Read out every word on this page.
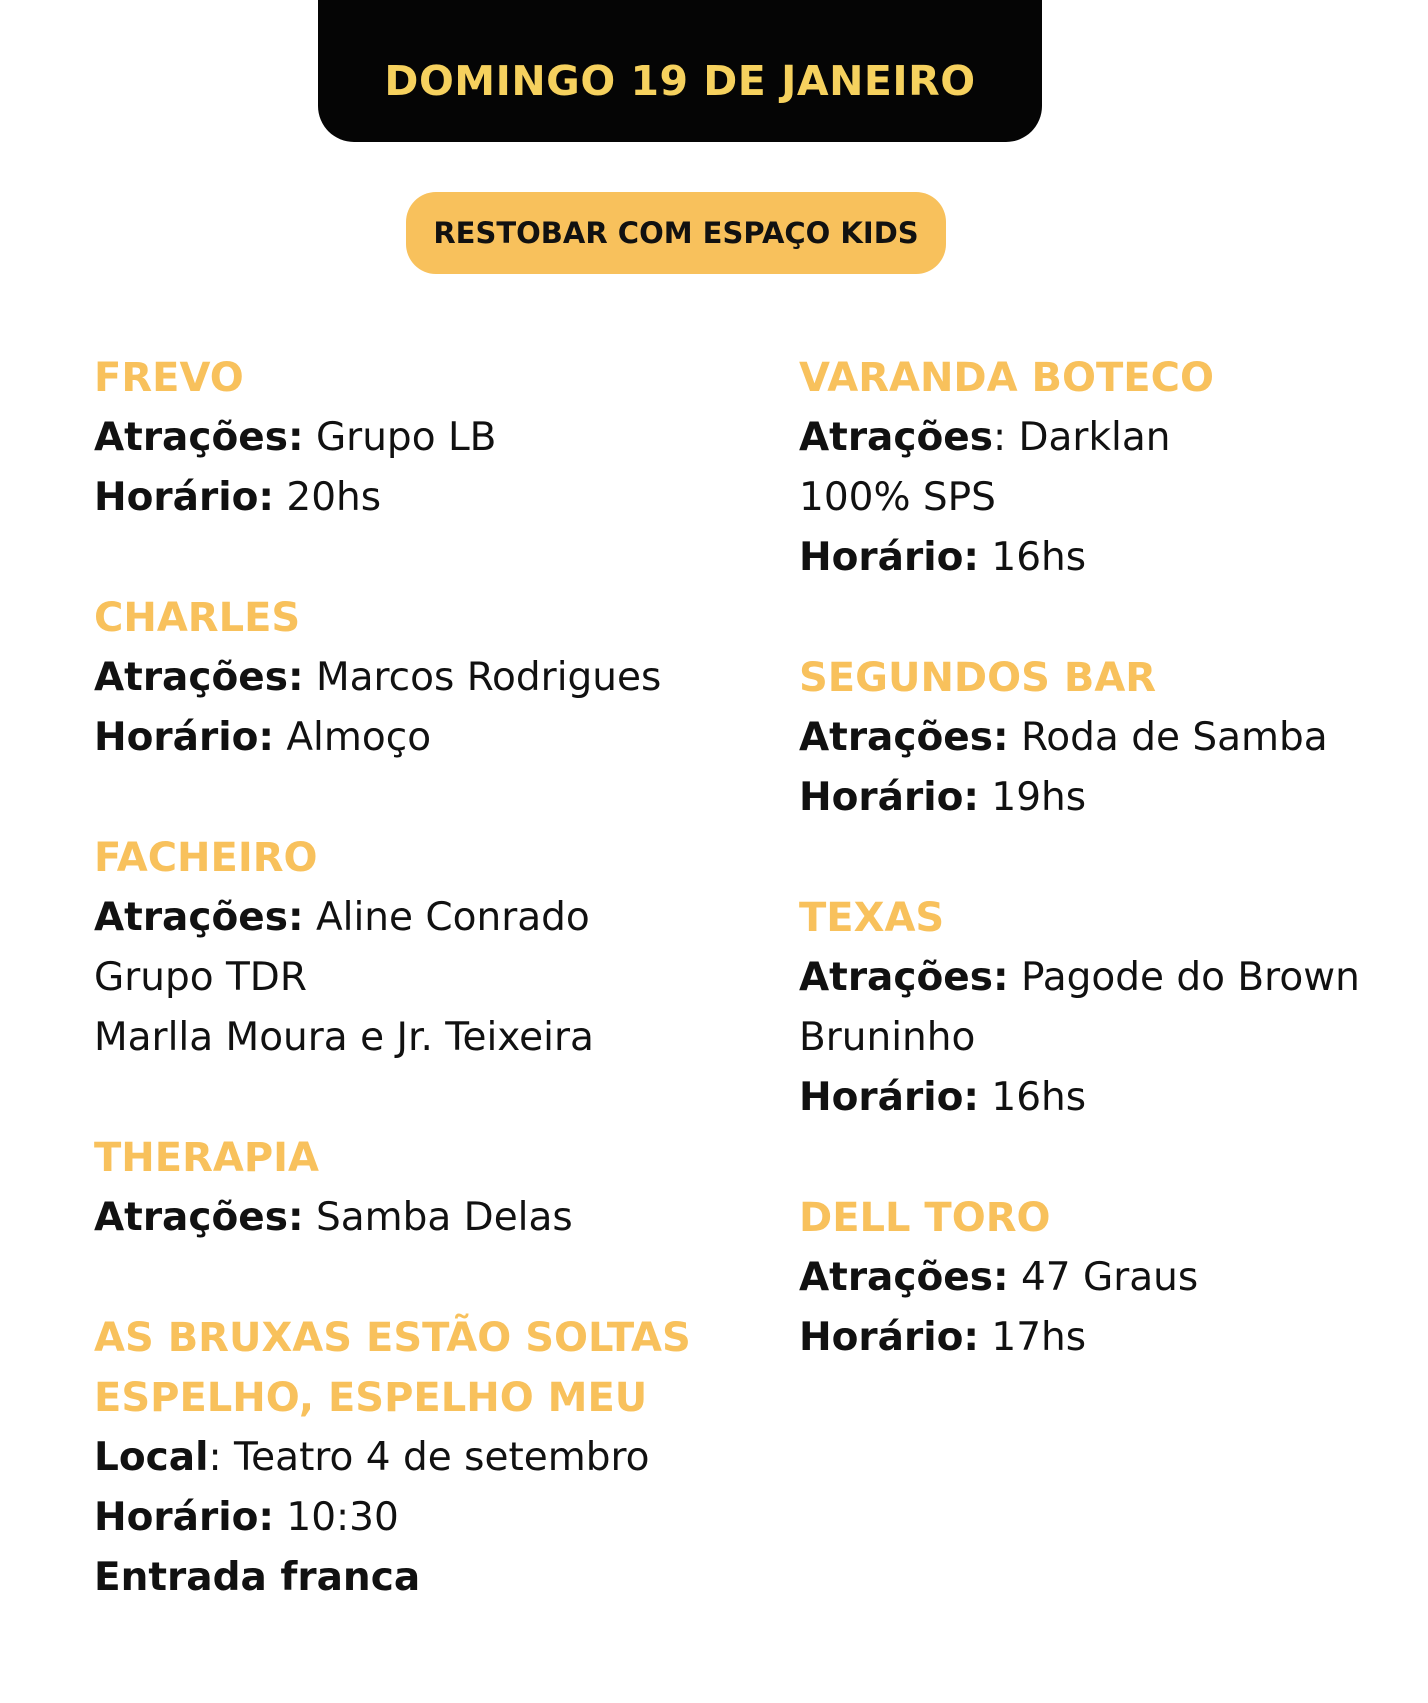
DOMINGO 19 DE JANEIRO
RESTOBAR COM ESPAÇO KIDS
FREVO
Atrações: Grupo LB
Horário: 20hs
CHARLES
Atrações: Marcos Rodrigues
Horário: Almoço
FACHEIRO
Atrações: Aline Conrado
Grupo TDR
Marlla Moura e Jr. Teixeira
THERAPIA
Atrações: Samba Delas
AS BRUXAS ESTÃO SOLTAS
ESPELHO, ESPELHO MEU
Local: Teatro 4 de setembro
Horário: 10:30
Entrada franca
VARANDA BOTECO
Atrações: Darklan
100% SPS
Horário: 16hs
SEGUNDOS BAR
Atrações: Roda de Samba
Horário: 19hs
TEXAS
Atrações: Pagode do Brown
Bruninho
Horário: 16hs
DELL TORO
Atrações: 47 Graus
Horário: 17hs
